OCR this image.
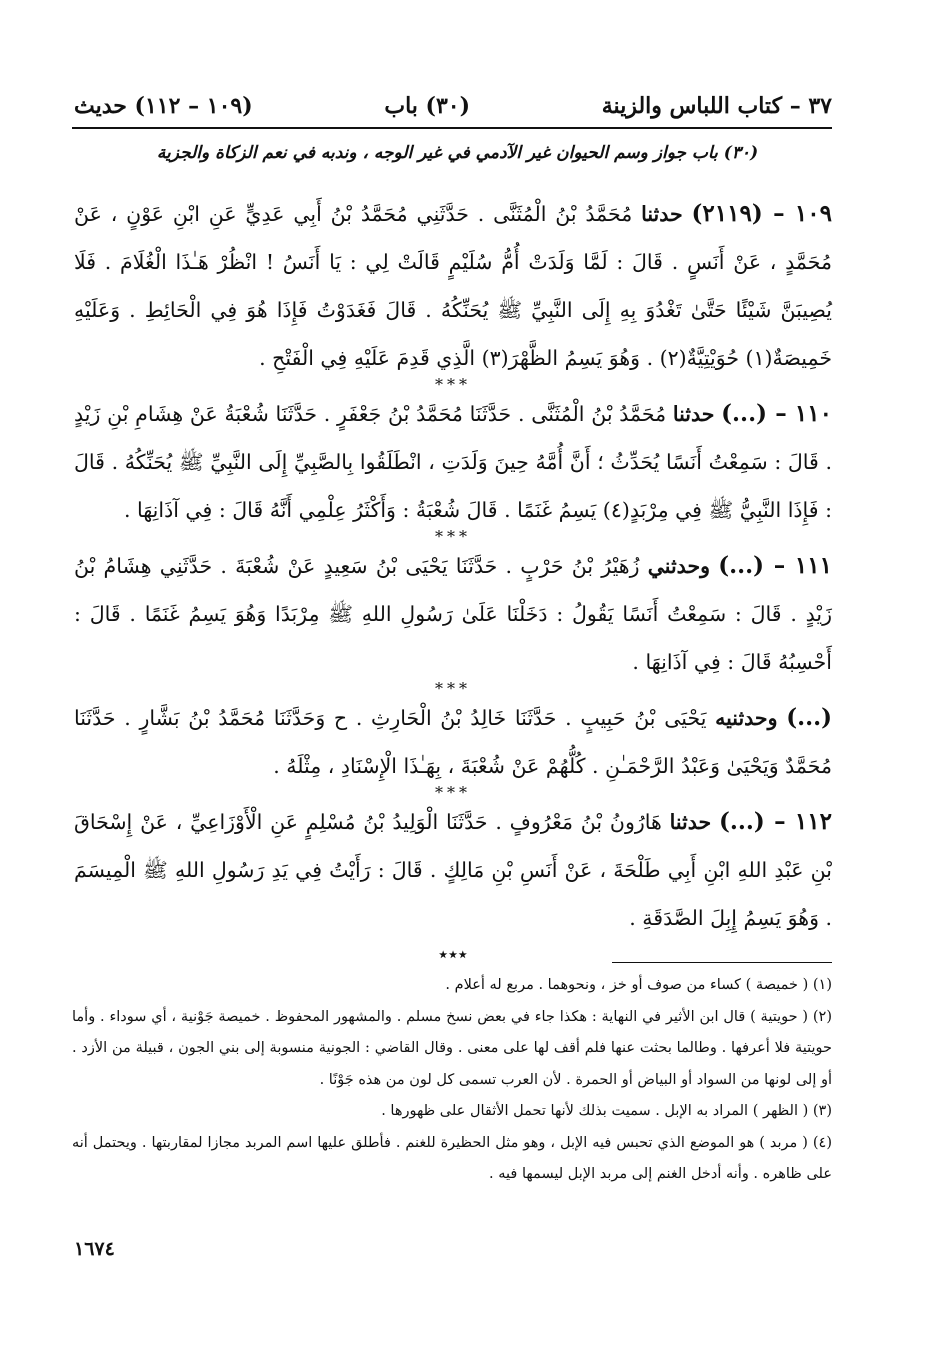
٣٧ – كتاب اللباس والزينة
(٣٠) باب
(١٠٩ – ١١٢) حديث
(٣٠) باب جواز وسم الحيوان غير الآدمي في غير الوجه ، وندبه في نعم الزكاة والجزية

١٠٩ – (٢١١٩) حدثنا مُحَمَّدُ بْنُ الْمُثَنَّى . حَدَّثَنِي مُحَمَّدُ بْنُ أَبِي عَدِيٍّ عَنِ ابْنِ عَوْنٍ ، عَنْ مُحَمَّدٍ ، عَنْ أَنَسٍ . قَالَ : لَمَّا وَلَدَتْ أُمُّ سُلَيْمٍ قَالَتْ لِي : يَا أَنَسُ ! انْظُرْ هَـٰذَا الْغُلَامَ . فَلَا يُصِيبَنَّ شَيْئًا حَتَّىٰ تَغْدُوَ بِهِ إِلَى النَّبِيِّ ﷺ يُحَنِّكُهُ . قَالَ فَغَدَوْتُ فَإِذَا هُوَ فِي الْحَائِطِ . وَعَلَيْهِ خَمِيصَةٌ(١) حُوَيْتِيَّةٌ(٢) . وَهُوَ يَسِمُ الظَّهْرَ(٣) الَّذِي قَدِمَ عَلَيْهِ فِي الْفَتْحِ .

***

١١٠ – (...) حدثنا مُحَمَّدُ بْنُ الْمُثَنَّى . حَدَّثَنَا مُحَمَّدُ بْنُ جَعْفَرٍ . حَدَّثَنَا شُعْبَةُ عَنْ هِشَامِ بْنِ زَيْدٍ . قَالَ : سَمِعْتُ أَنَسًا يُحَدِّثُ ؛ أَنَّ أُمَّهُ حِينَ وَلَدَتِ ، انْطَلَقُوا بِالصَّبِيِّ إِلَى النَّبِيِّ ﷺ يُحَنِّكُهُ . قَالَ : فَإِذَا النَّبِيُّ ﷺ فِي مِرْبَدٍ(٤) يَسِمُ غَنَمًا . قَالَ شُعْبَةُ : وَأَكْثَرُ عِلْمِي أَنَّهُ قَالَ : فِي آذَانِهَا .

***

١١١ – (...) وحدثني زُهَيْرُ بْنُ حَرْبٍ . حَدَّثَنَا يَحْيَى بْنُ سَعِيدٍ عَنْ شُعْبَةَ . حَدَّثَنِي هِشَامُ بْنُ زَيْدٍ . قَالَ : سَمِعْتُ أَنَسًا يَقُولُ : دَخَلْنَا عَلَىٰ رَسُولِ اللهِ ﷺ مِرْبَدًا وَهُوَ يَسِمُ غَنَمًا . قَالَ : أَحْسِبُهُ قَالَ : فِي آذَانِهَا .

***

(...) وحدثنيه يَحْيَى بْنُ حَبِيبٍ . حَدَّثَنَا خَالِدُ بْنُ الْحَارِثِ . ح وَحَدَّثَنَا مُحَمَّدُ بْنُ بَشَّارٍ . حَدَّثَنَا مُحَمَّدٌ وَيَحْيَىٰ وَعَبْدُ الرَّحْمَـٰنِ . كُلُّهُمْ عَنْ شُعْبَةَ ، بِهَـٰذَا الْإِسْنَادِ ، مِثْلَهُ .

***

١١٢ – (...) حدثنا هَارُونُ بْنُ مَعْرُوفٍ . حَدَّثَنَا الْوَلِيدُ بْنُ مُسْلِمٍ عَنِ الْأَوْزَاعِيِّ ، عَنْ إِسْحَاقَ بْنِ عَبْدِ اللهِ ابْنِ أَبِي طَلْحَةَ ، عَنْ أَنَسِ بْنِ مَالِكٍ . قَالَ : رَأَيْتُ فِي يَدِ رَسُولِ اللهِ ﷺ الْمِيسَمَ . وَهُوَ يَسِمُ إِبِلَ الصَّدَقَةِ .

٭٭٭

(١) ( خميصة ) كساء من صوف أو خز ، ونحوهما . مربع له أعلام .

(٢) ( حويتية ) قال ابن الأثير في النهاية : هكذا جاء في بعض نسخ مسلم . والمشهور المحفوظ . خميصة جَوْنية ، أي سوداء . وأما حويتية فلا أعرفها . وطالما بحثت عنها فلم أقف لها على معنى . وقال القاضي : الجونية منسوبة إلى بني الجون ، قبيلة من الأزد . أو إلى لونها من السواد أو البياض أو الحمرة . لأن العرب تسمى كل لون من هذه جَوْنًا .

(٣) ( الظهر ) المراد به الإبل . سميت بذلك لأنها تحمل الأثقال على ظهورها .

(٤) ( مربد ) هو الموضع الذي تحبس فيه الإبل ، وهو مثل الحظيرة للغنم . فأطلق عليها اسم المربد مجازا لمقاربتها . ويحتمل أنه على ظاهره . وأنه أدخل الغنم إلى مربد الإبل ليسمها فيه .

١٦٧٤
